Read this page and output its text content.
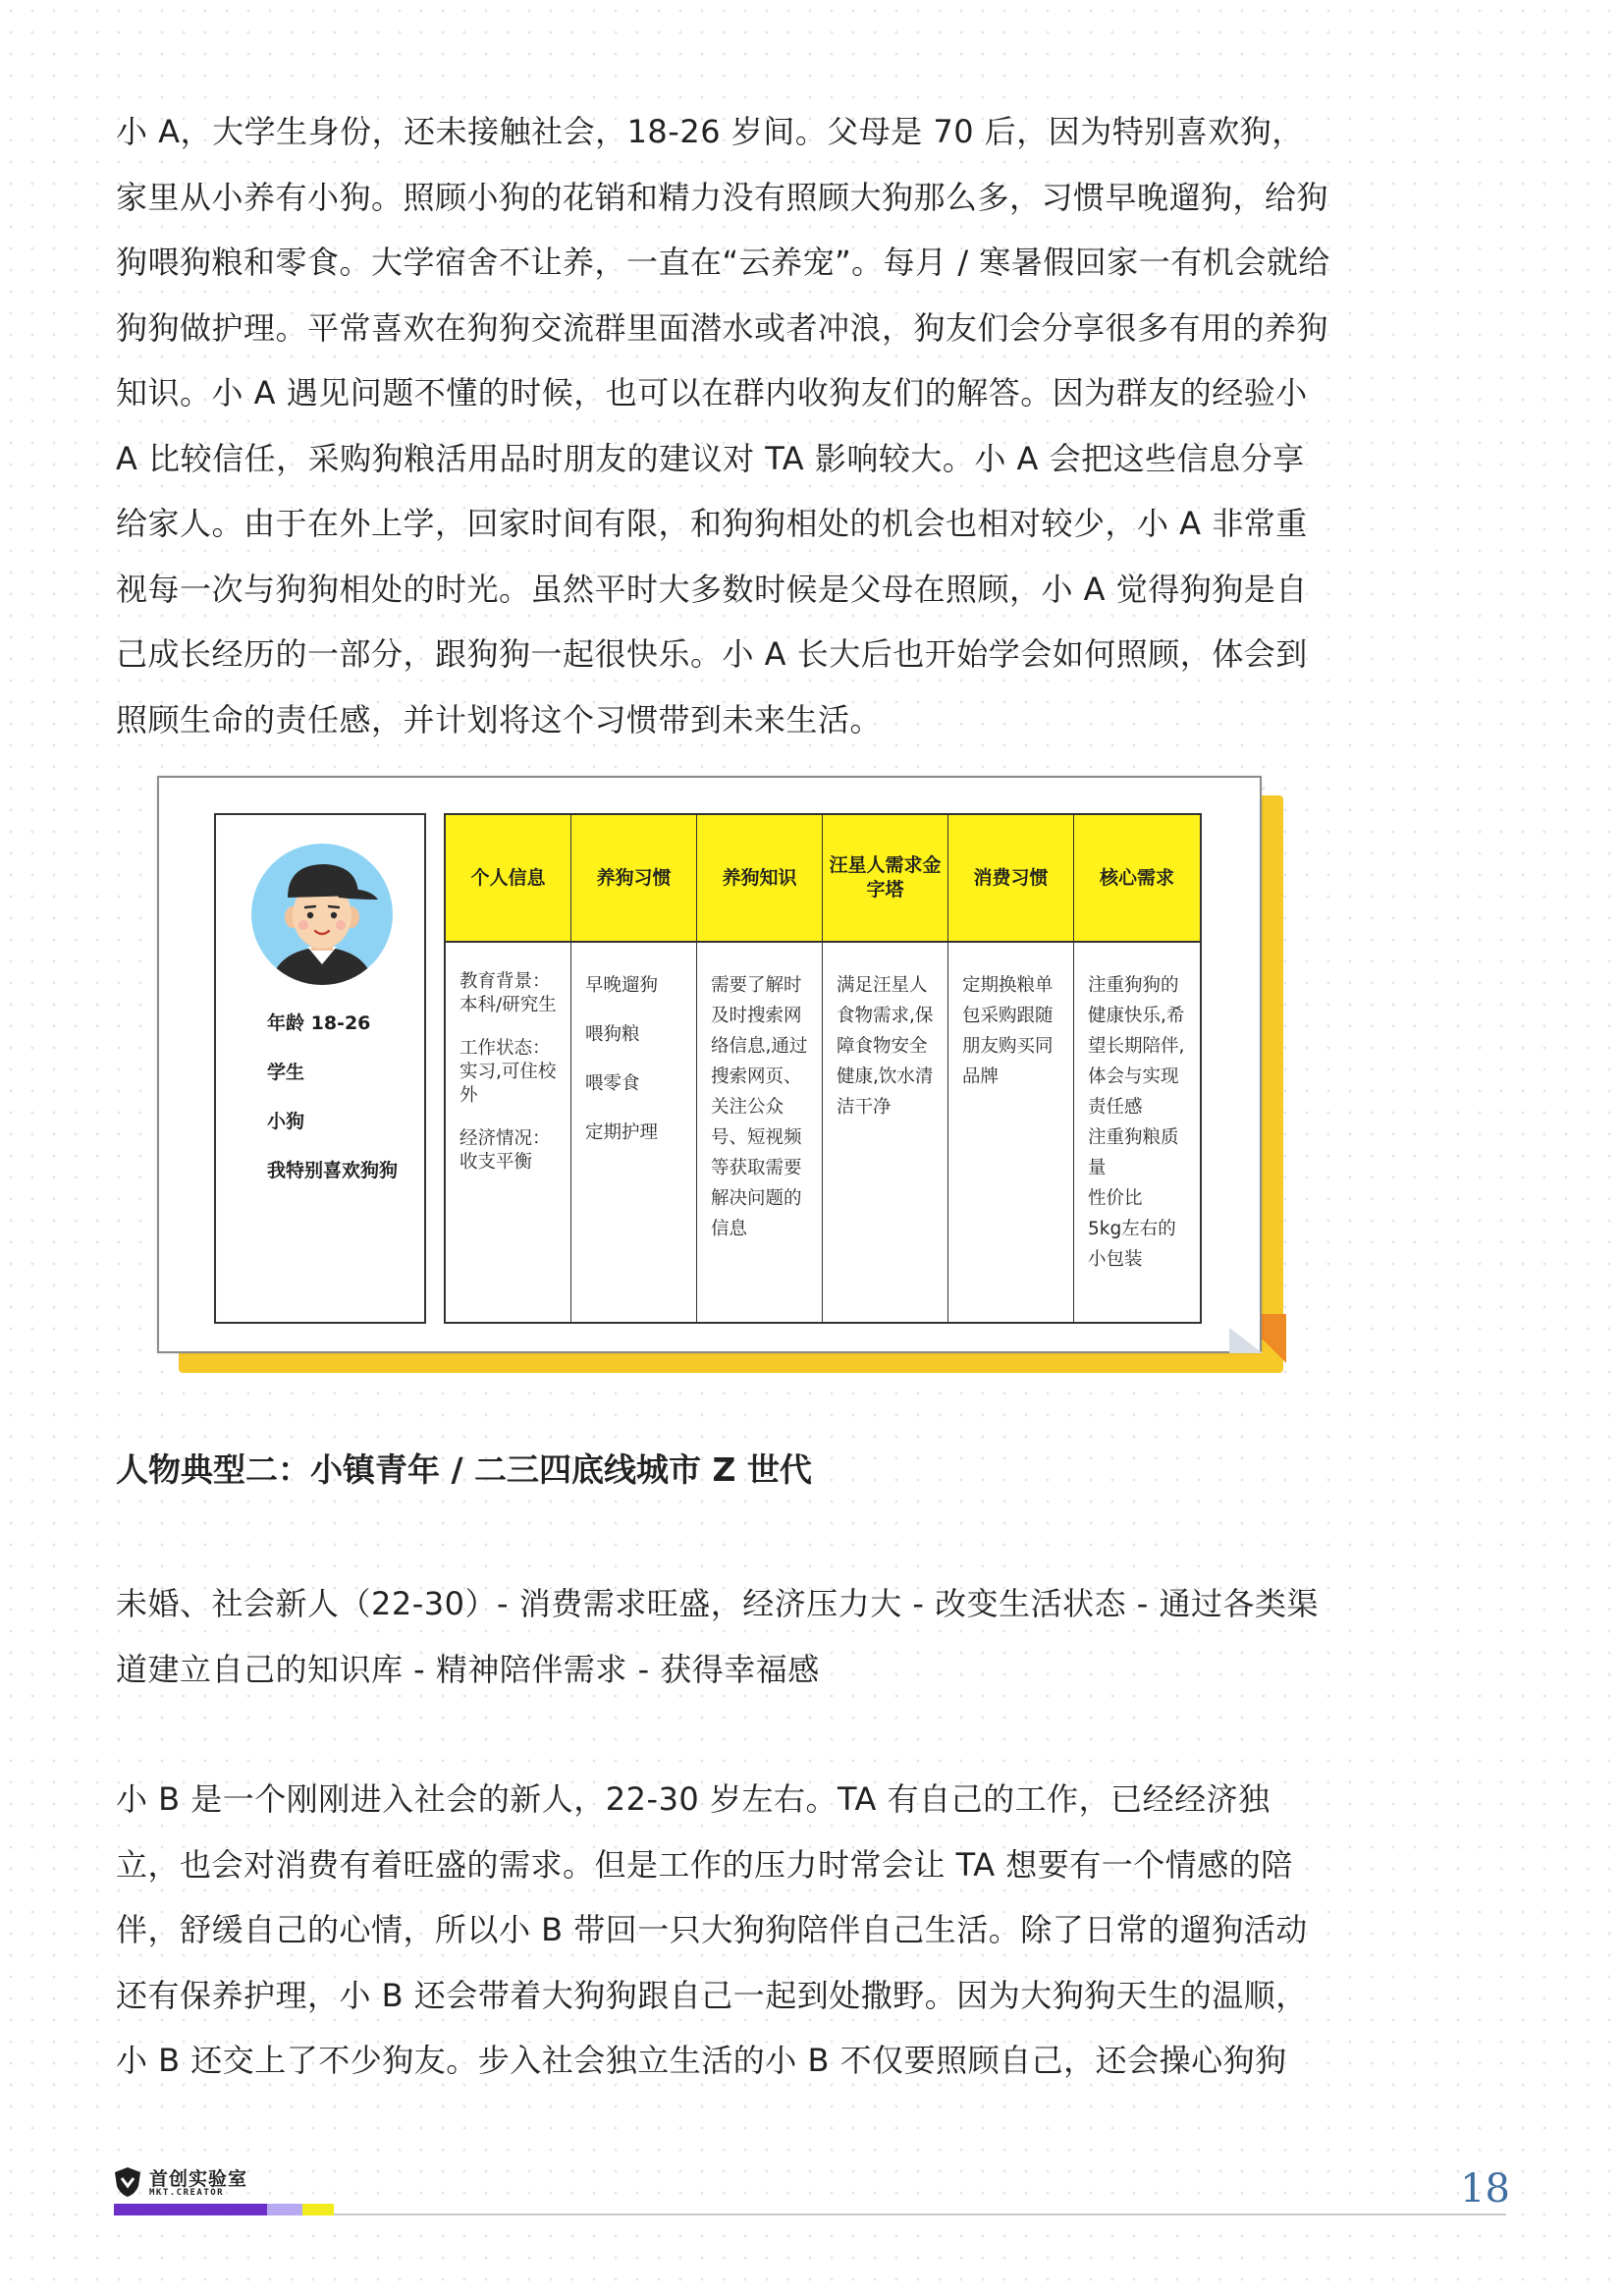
小 A，大学生身份，还未接触社会，18-26 岁间。父母是 70 后，因为特别喜欢狗，家里从小养有小狗。照顾小狗的花销和精力没有照顾大狗那么多，习惯早晚遛狗，给狗狗喂狗粮和零食。大学宿舍不让养，一直在“云养宠”。每月 / 寒暑假回家一有机会就给狗狗做护理。平常喜欢在狗狗交流群里面潜水或者冲浪，狗友们会分享很多有用的养狗知识。小 A 遇见问题不懂的时候，也可以在群内收狗友们的解答。因为群友的经验小 A 比较信任，采购狗粮活用品时朋友的建议对 TA 影响较大。小 A 会把这些信息分享给家人。由于在外上学，回家时间有限，和狗狗相处的机会也相对较少，小 A 非常重视每一次与狗狗相处的时光。虽然平时大多数时候是父母在照顾，小 A 觉得狗狗是自己成长经历的一部分，跟狗狗一起很快乐。小 A 长大后也开始学会如何照顾，体会到照顾生命的责任感，并计划将这个习惯带到未来生活。

年龄 18-26
学生
小狗
我特别喜欢狗狗
个人信息
教育背景：本科/研究生
工作状态：实习,可住校外
经济情况：收支平衡
养狗习惯
早晚遛狗
喂狗粮
喂零食
定期护理
养狗知识
需要了解时及时搜索网络信息,通过搜索网页、关注公众号、短视频等获取需要解决问题的信息
汪星人需求金字塔
满足汪星人食物需求,保障食物安全健康,饮水清洁干净
消费习惯
定期换粮单包采购跟随朋友购买同品牌
核心需求
注重狗狗的健康快乐,希望长期陪伴,体会与实现责任感
注重狗粮质量
性价比
5kg左右的小包装
人物典型二：小镇青年 / 二三四底线城市 Z 世代

未婚、社会新人（22-30）- 消费需求旺盛，经济压力大 - 改变生活状态 - 通过各类渠道建立自己的知识库 - 精神陪伴需求 - 获得幸福感

小 B 是一个刚刚进入社会的新人，22-30 岁左右。TA 有自己的工作，已经经济独立，也会对消费有着旺盛的需求。但是工作的压力时常会让 TA 想要有一个情感的陪伴，舒缓自己的心情，所以小 B 带回一只大狗狗陪伴自己生活。除了日常的遛狗活动还有保养护理，小 B 还会带着大狗狗跟自己一起到处撒野。因为大狗狗天生的温顺，小 B 还交上了不少狗友。步入社会独立生活的小 B 不仅要照顾自己，还会操心狗狗

首创实验室
MKT.CREATOR	18
